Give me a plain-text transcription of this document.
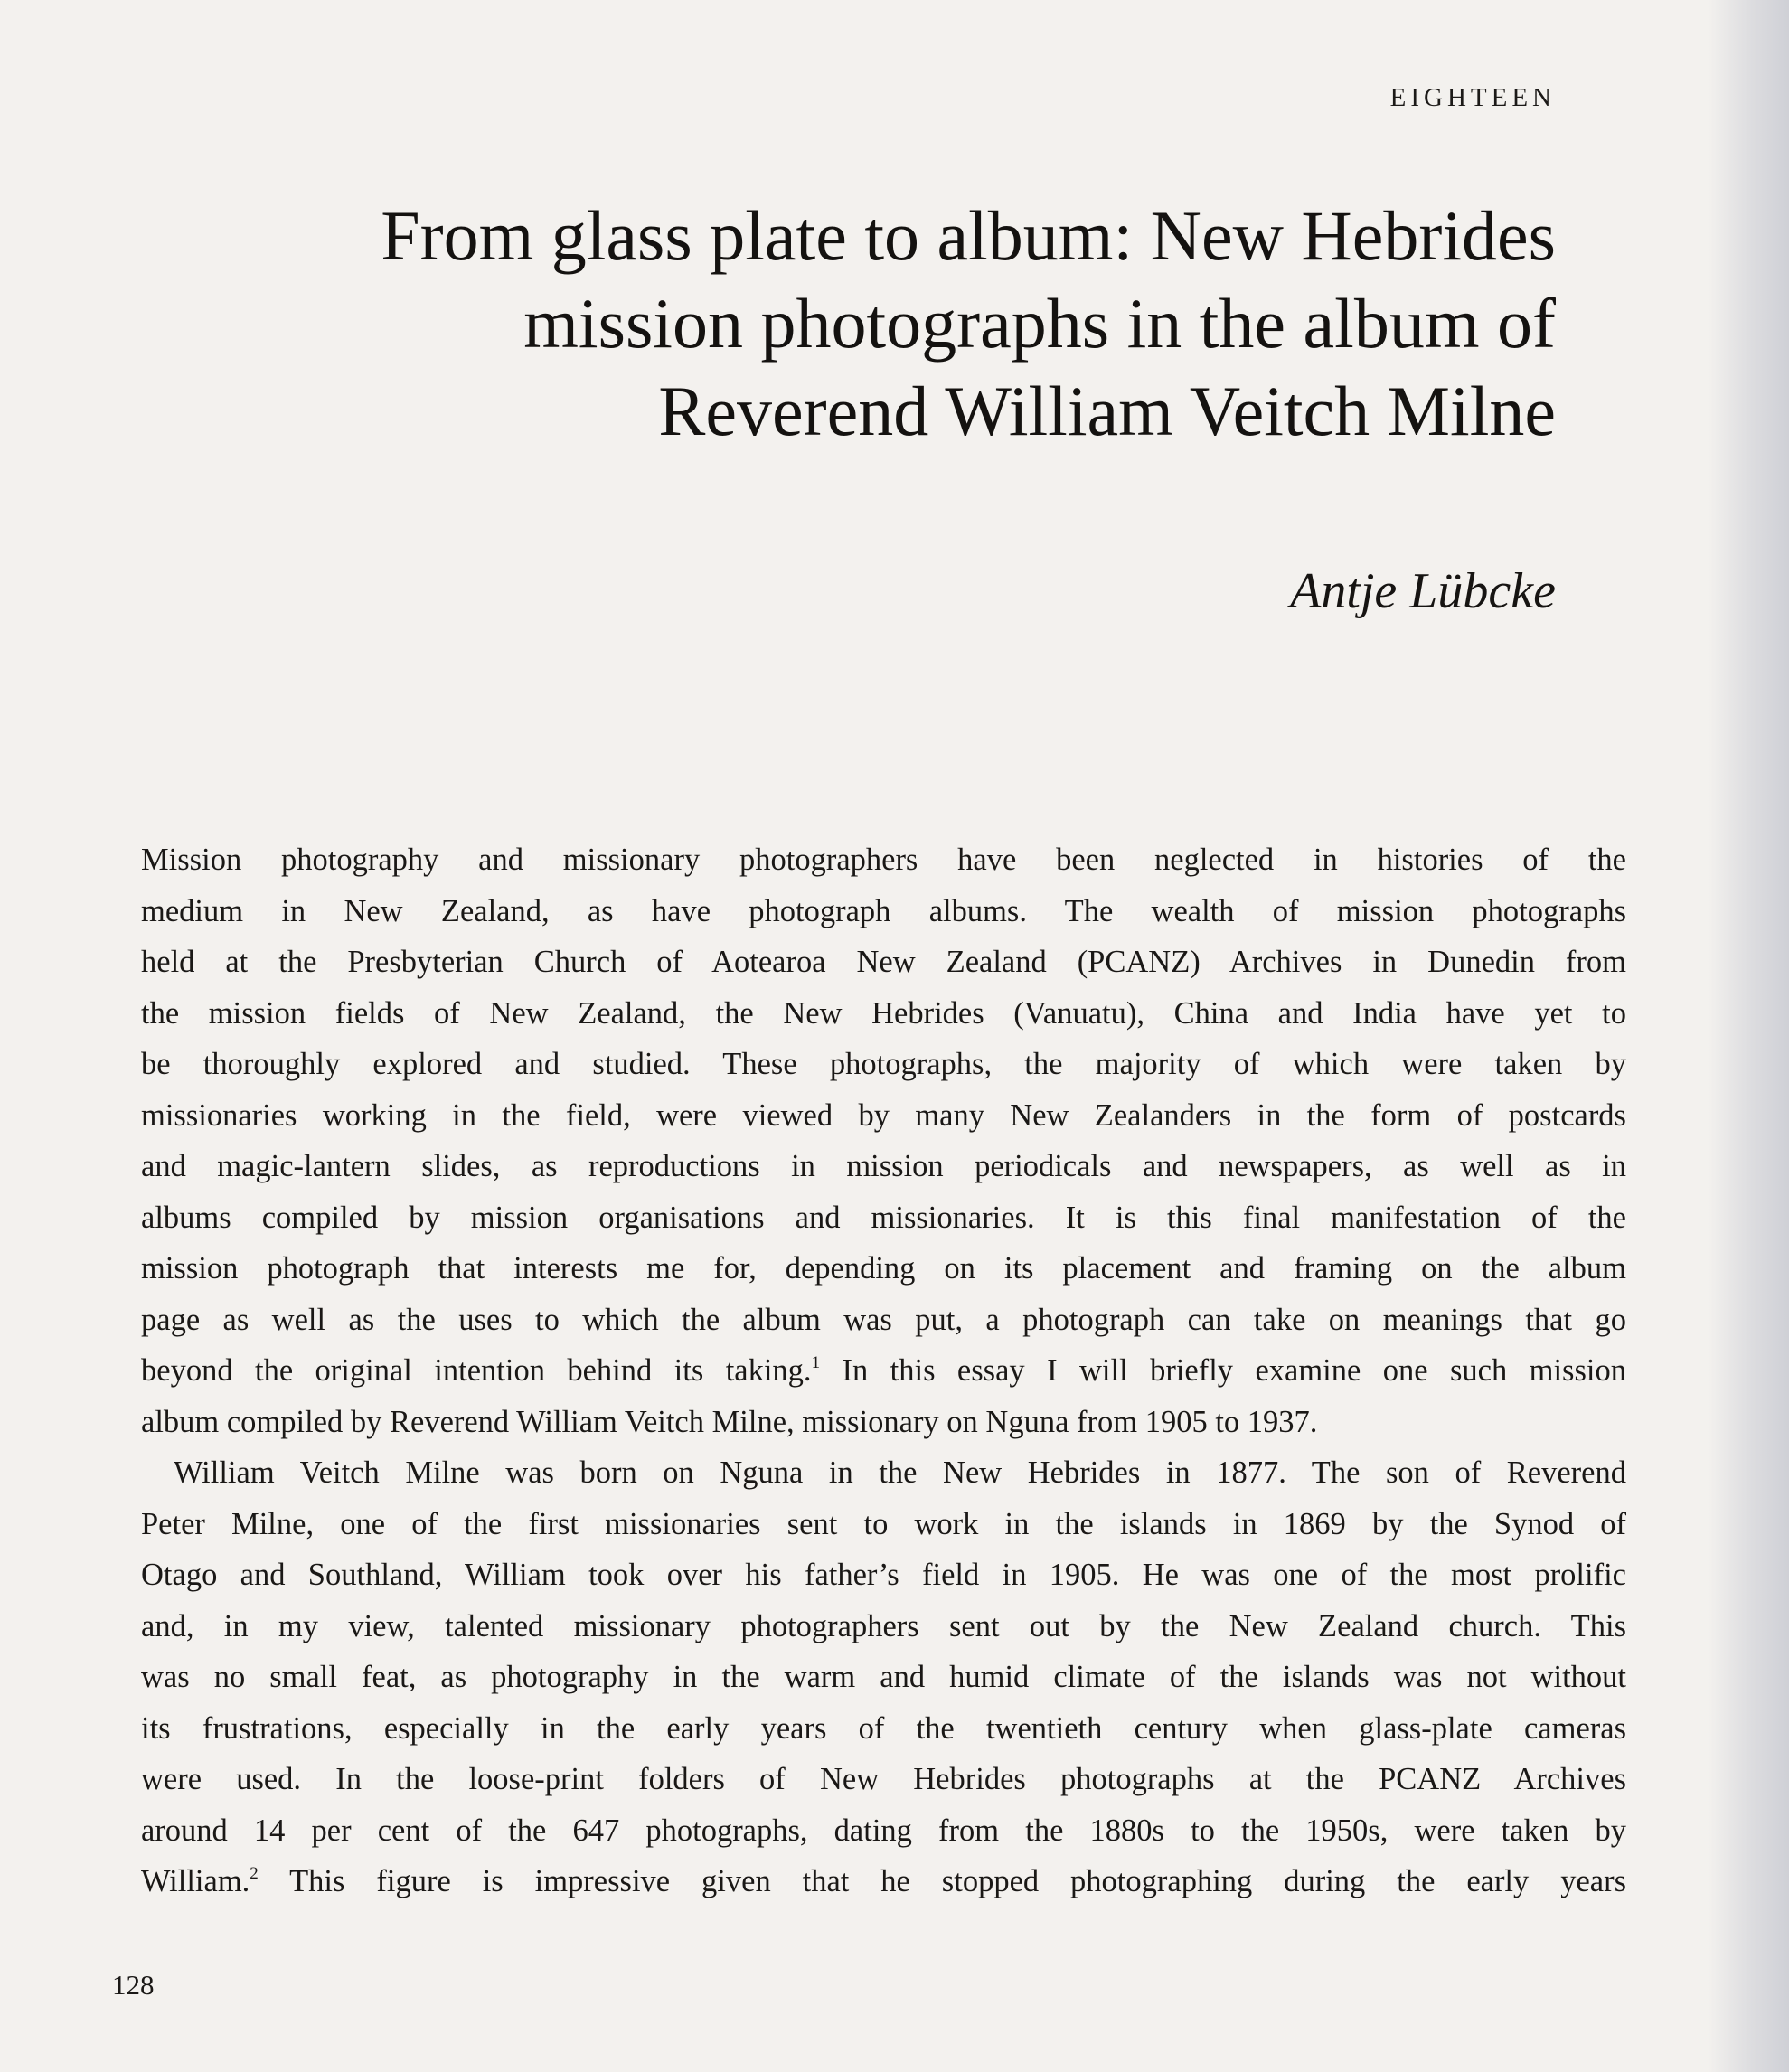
EIGHTEEN
From glass plate to album: New Hebrides
mission photographs in the album of
Reverend William Veitch Milne
Antje Lübcke
Mission photography and missionary photographers have been neglected in histories of the
medium in New Zealand, as have photograph albums. The wealth of mission photographs
held at the Presbyterian Church of Aotearoa New Zealand (PCANZ) Archives in Dunedin from
the mission fields of New Zealand, the New Hebrides (Vanuatu), China and India have yet to
be thoroughly explored and studied. These photographs, the majority of which were taken by
missionaries working in the field, were viewed by many New Zealanders in the form of postcards
and magic-lantern slides, as reproductions in mission periodicals and newspapers, as well as in
albums compiled by mission organisations and missionaries. It is this final manifestation of the
mission photograph that interests me for, depending on its placement and framing on the album
page as well as the uses to which the album was put, a photograph can take on meanings that go
beyond the original intention behind its taking.$^1$ In this essay I will briefly examine one such mission
album compiled by Reverend William Veitch Milne, missionary on Nguna from 1905 to 1937.
William Veitch Milne was born on Nguna in the New Hebrides in 1877. The son of Reverend
Peter Milne, one of the first missionaries sent to work in the islands in 1869 by the Synod of
Otago and Southland, William took over his father’s field in 1905. He was one of the most prolific
and, in my view, talented missionary photographers sent out by the New Zealand church. This
was no small feat, as photography in the warm and humid climate of the islands was not without
its frustrations, especially in the early years of the twentieth century when glass-plate cameras
were used. In the loose-print folders of New Hebrides photographs at the PCANZ Archives
around 14 per cent of the 647 photographs, dating from the 1880s to the 1950s, were taken by
William.$^2$ This figure is impressive given that he stopped photographing during the early years
128
